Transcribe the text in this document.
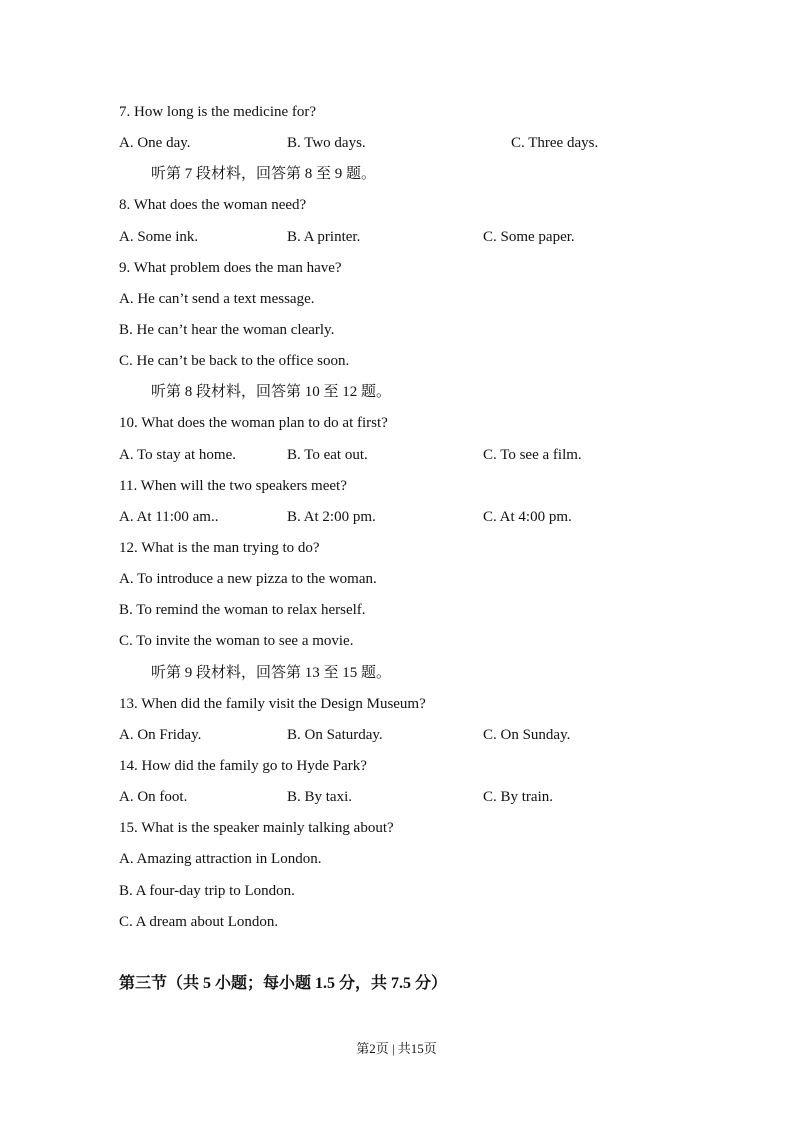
7. How long is the medicine for?
A. One day.	B. Two days.	C. Three days.
听第 7 段材料，回答第 8 至 9 题。
8. What does the woman need?
A. Some ink.	B. A printer.	C. Some paper.
9. What problem does the man have?
A. He can’t send a text message.
B. He can’t hear the woman clearly.
C. He can’t be back to the office soon.
听第 8 段材料，回答第 10 至 12 题。
10. What does the woman plan to do at first?
A. To stay at home.	B. To eat out.	C. To see a film.
11. When will the two speakers meet?
A. At 11:00 am..	B. At 2:00 pm.	C. At 4:00 pm.
12. What is the man trying to do?
A. To introduce a new pizza to the woman.
B. To remind the woman to relax herself.
C. To invite the woman to see a movie.
听第 9 段材料，回答第 13 至 15 题。
13. When did the family visit the Design Museum?
A. On Friday.	B. On Saturday.	C. On Sunday.
14. How did the family go to Hyde Park?
A. On foot.	B. By taxi.	C. By train.
15. What is the speaker mainly talking about?
A. Amazing attraction in London.
B. A four-day trip to London.
C. A dream about London.
第三节（共 5 小题；每小题 1.5 分，共 7.5 分）
第2页 | 共15页
